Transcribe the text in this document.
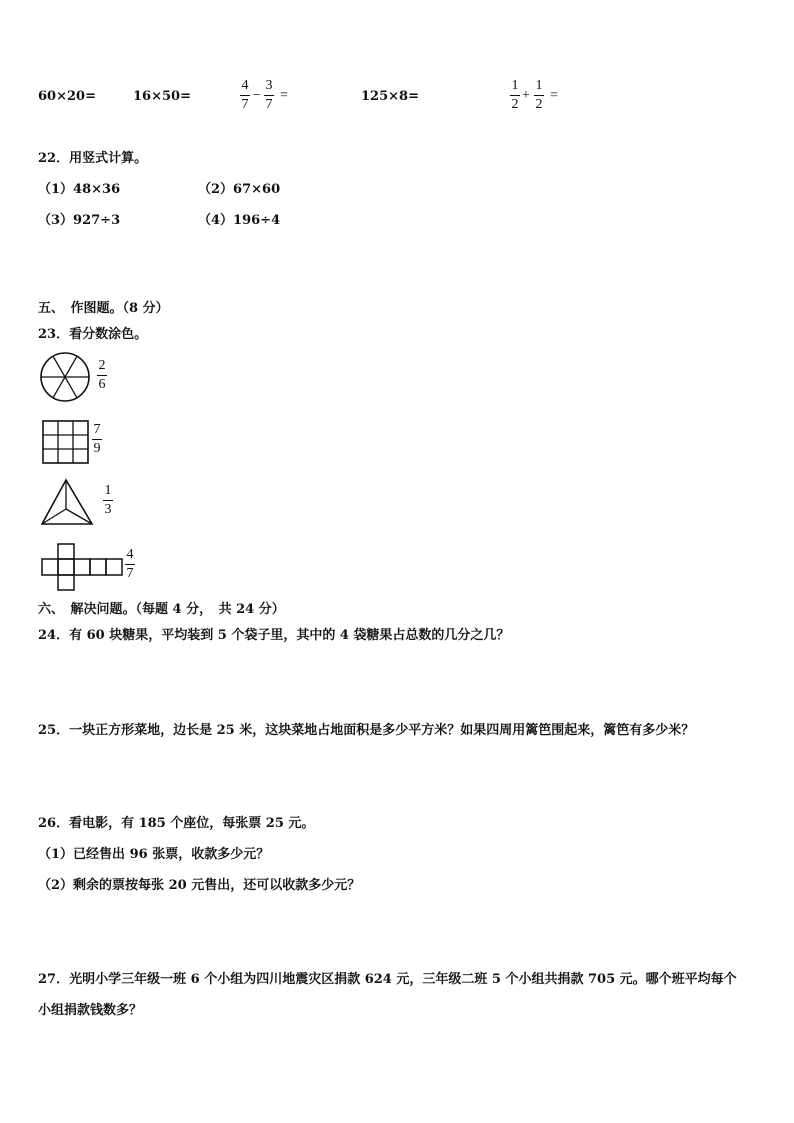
60×20=	16×50=
4
7
−
3
7
=	125×8=
1
2
+
1
2
=
22．用竖式计算。
（1）48×36	（2）67×60
（3）927÷3	（4）196÷4
五、　作图题。（8 分）
23．看分数涂色。
2
6
7
9
1
3
4
7
六、　解决问题。（每题 4 分，　共 24 分）
24．有 60 块糖果，平均装到 5 个袋子里，其中的 4 袋糖果占总数的几分之几？
25．一块正方形菜地，边长是 25 米，这块菜地占地面积是多少平方米？如果四周用篱笆围起来，篱笆有多少米？
26．看电影，有 185 个座位，每张票 25 元。
（1）已经售出 96 张票，收款多少元？
（2）剩余的票按每张 20 元售出，还可以收款多少元？
27．光明小学三年级一班 6 个小组为四川地震灾区捐款 624 元，三年级二班 5 个小组共捐款 705 元。哪个班平均每个
小组捐款钱数多？
